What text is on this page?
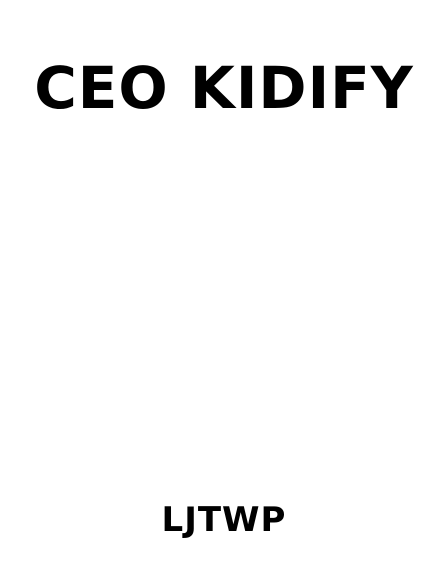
CEO KIDIFY
LJTWP
